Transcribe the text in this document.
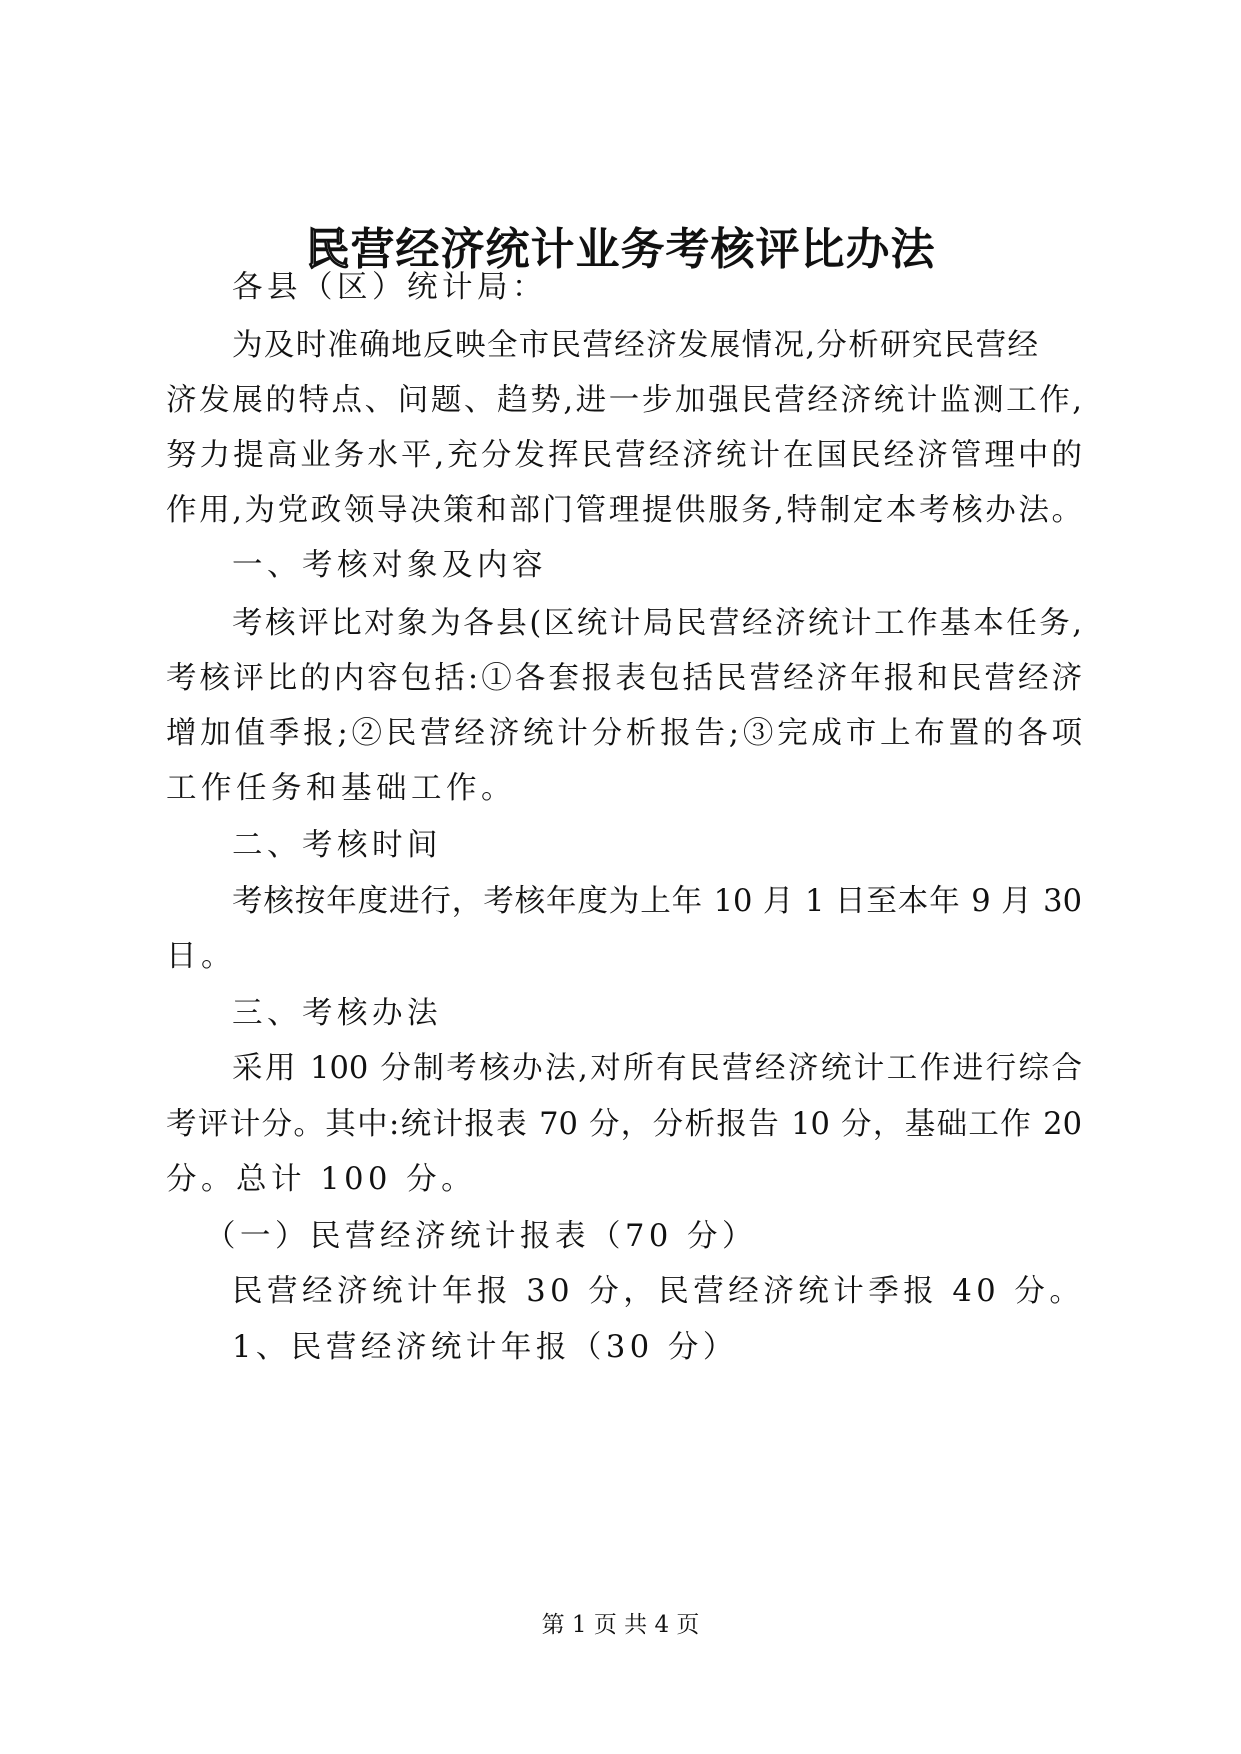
民营经济统计业务考核评比办法
各县（区）统计局：
为及时准确地反映全市民营经济发展情况,分析研究民营经
济发展的特点、问题、趋势,进一步加强民营经济统计监测工作,
努力提高业务水平,充分发挥民营经济统计在国民经济管理中的
作用,为党政领导决策和部门管理提供服务,特制定本考核办法。
一、考核对象及内容
考核评比对象为各县(区统计局民营经济统计工作基本任务,
考核评比的内容包括:①各套报表包括民营经济年报和民营经济
增加值季报;②民营经济统计分析报告;③完成市上布置的各项
工作任务和基础工作。
二、考核时间
考核按年度进行，考核年度为上年 10 月 1 日至本年 9 月 30
日。
三、考核办法
采用 100 分制考核办法,对所有民营经济统计工作进行综合
考评计分。其中:统计报表 70 分，分析报告 10 分，基础工作 20
分。总计 100 分。
（一）民营经济统计报表（70 分）
民营经济统计年报 30 分，民营经济统计季报 40 分。
1、民营经济统计年报（30 分）
第 1 页 共 4 页
